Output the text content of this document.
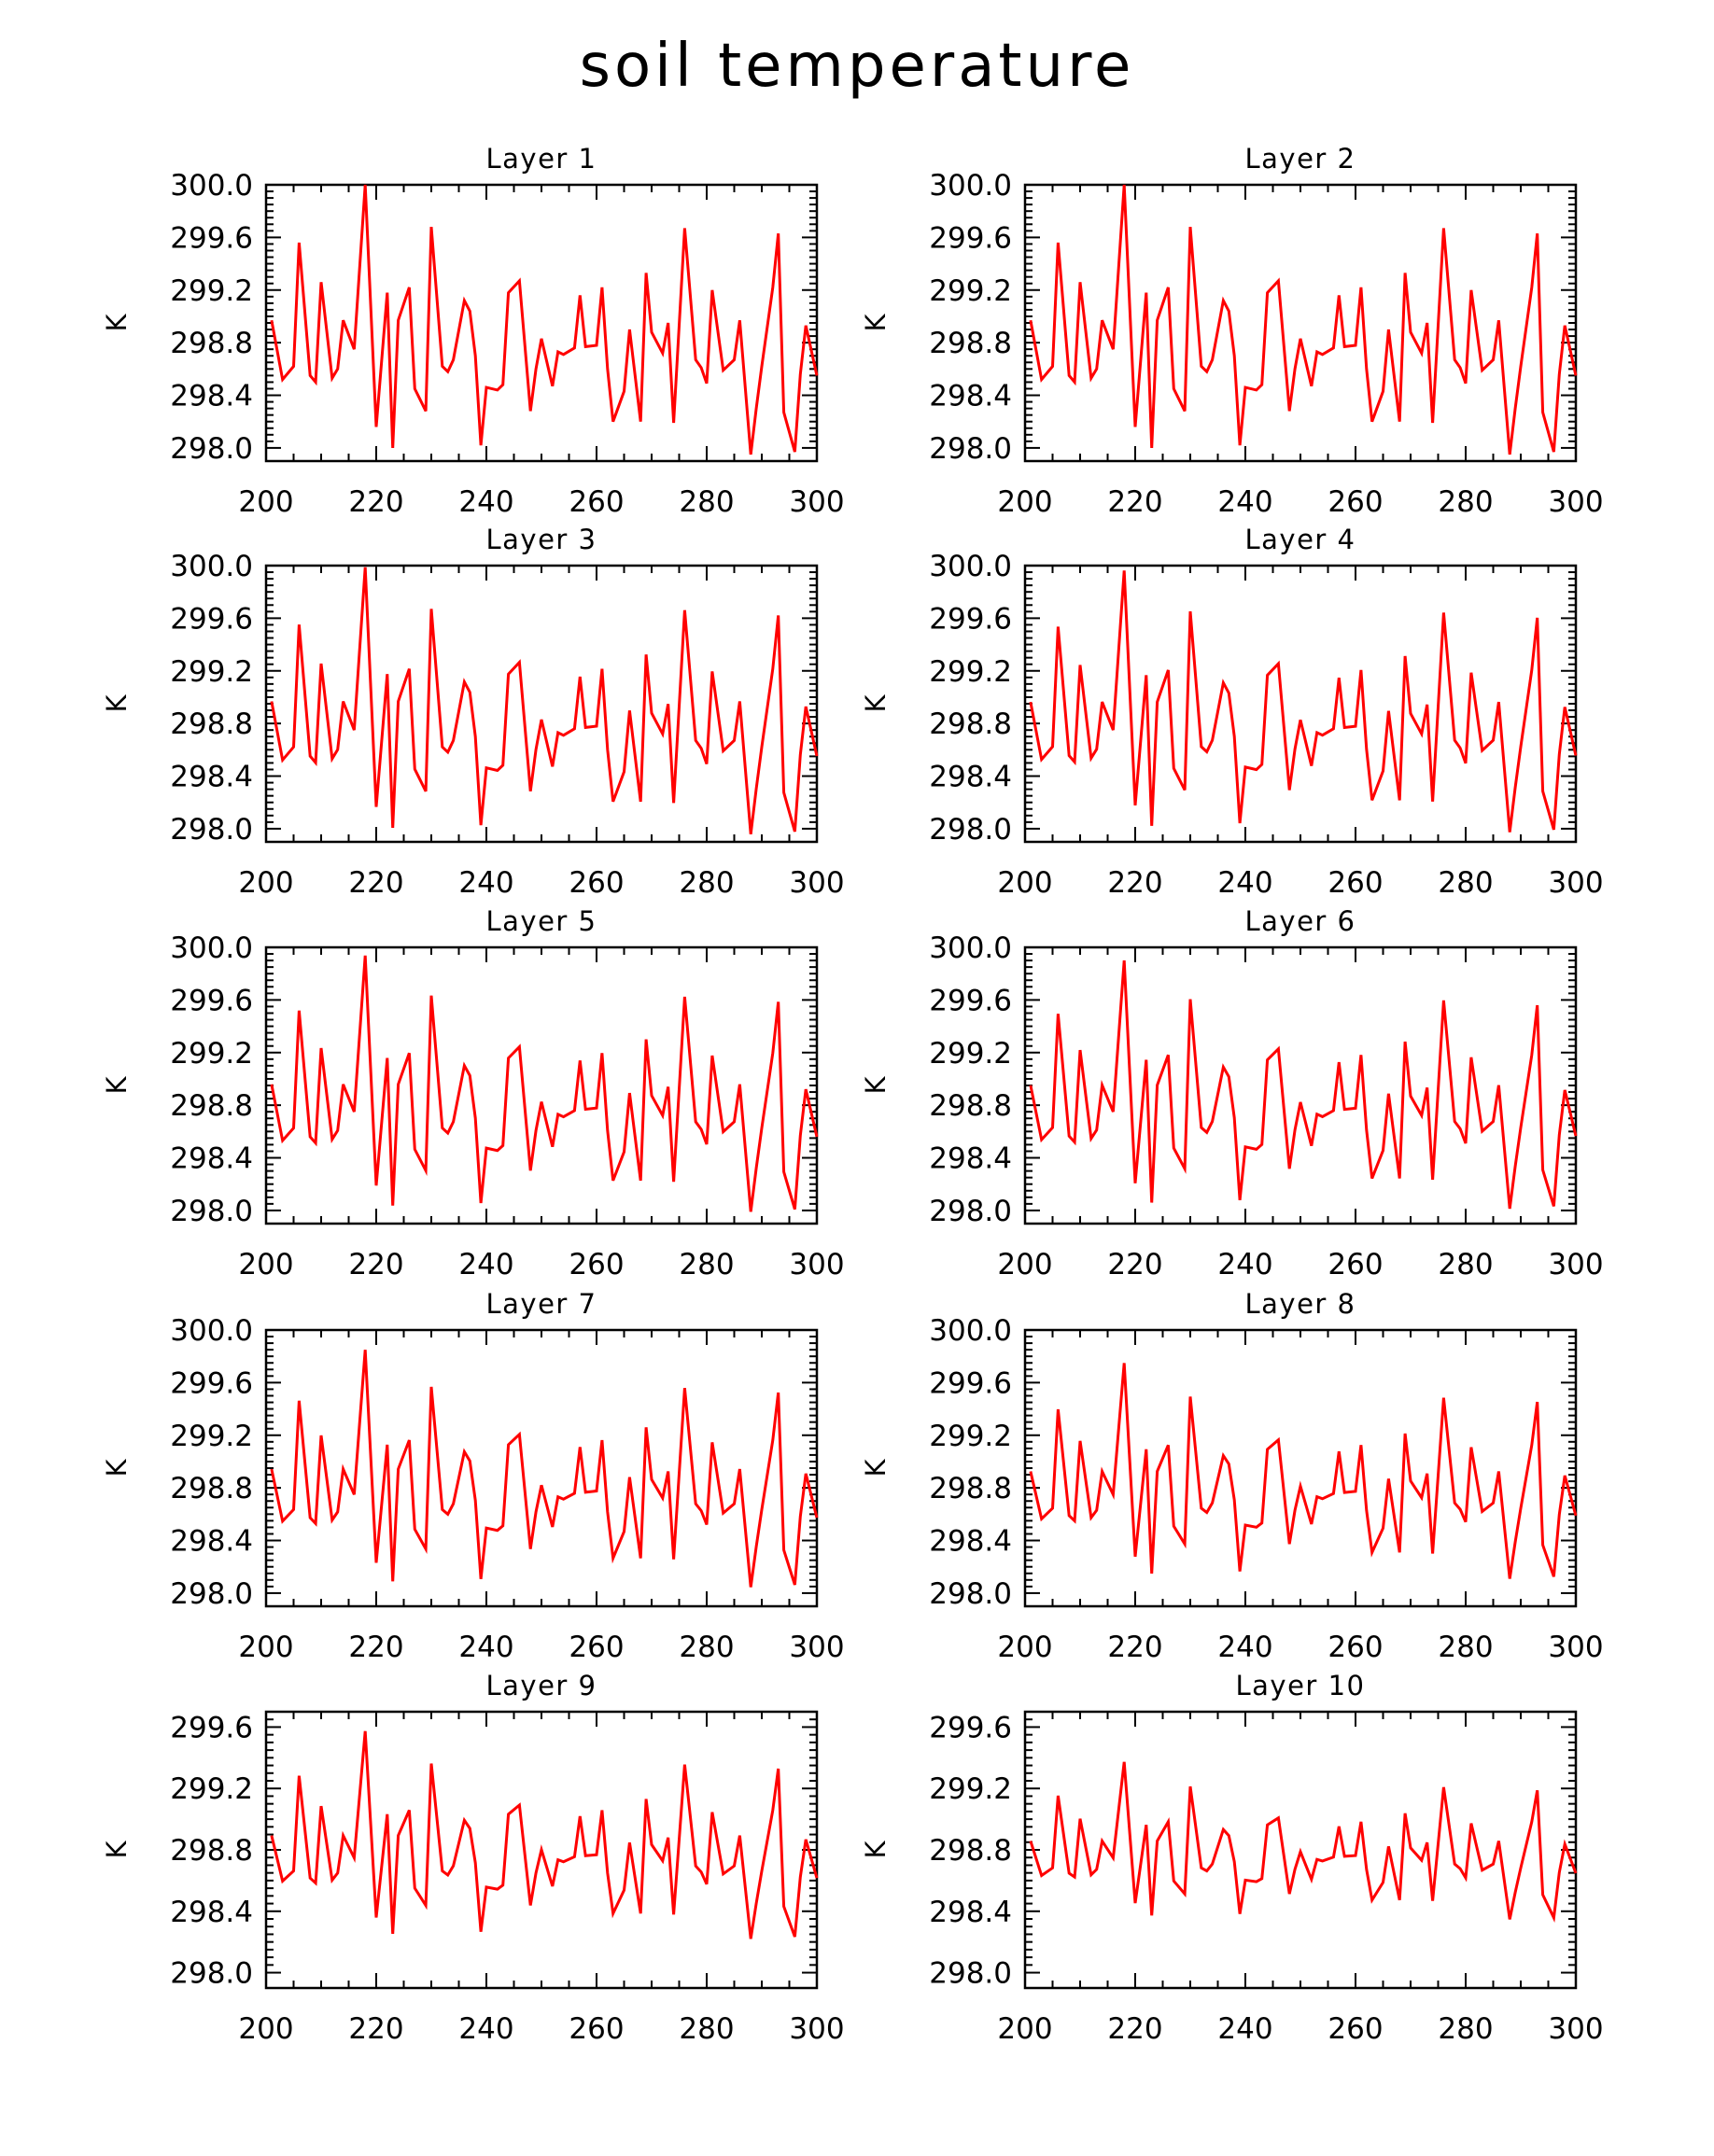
soil temperature
Layer 1
K
200 220 240 260 280 300
298.0
298.4
298.8
299.2
299.6
300.0
Layer 2
K
200 220 240 260 280 300
298.0
298.4
298.8
299.2
299.6
300.0
Layer 3
K
200 220 240 260 280 300
298.0
298.4
298.8
299.2
299.6
300.0
Layer 4
K
200 220 240 260 280 300
298.0
298.4
298.8
299.2
299.6
300.0
Layer 5
K
200 220 240 260 280 300
298.0
298.4
298.8
299.2
299.6
300.0
Layer 6
K
200 220 240 260 280 300
298.0
298.4
298.8
299.2
299.6
300.0
Layer 7
K
200 220 240 260 280 300
298.0
298.4
298.8
299.2
299.6
300.0
Layer 8
K
200 220 240 260 280 300
298.0
298.4
298.8
299.2
299.6
300.0
Layer 9
K
200 220 240 260 280 300
298.0
298.4
298.8
299.2
299.6
Layer 10
K
200 220 240 260 280 300
298.0
298.4
298.8
299.2
299.6
